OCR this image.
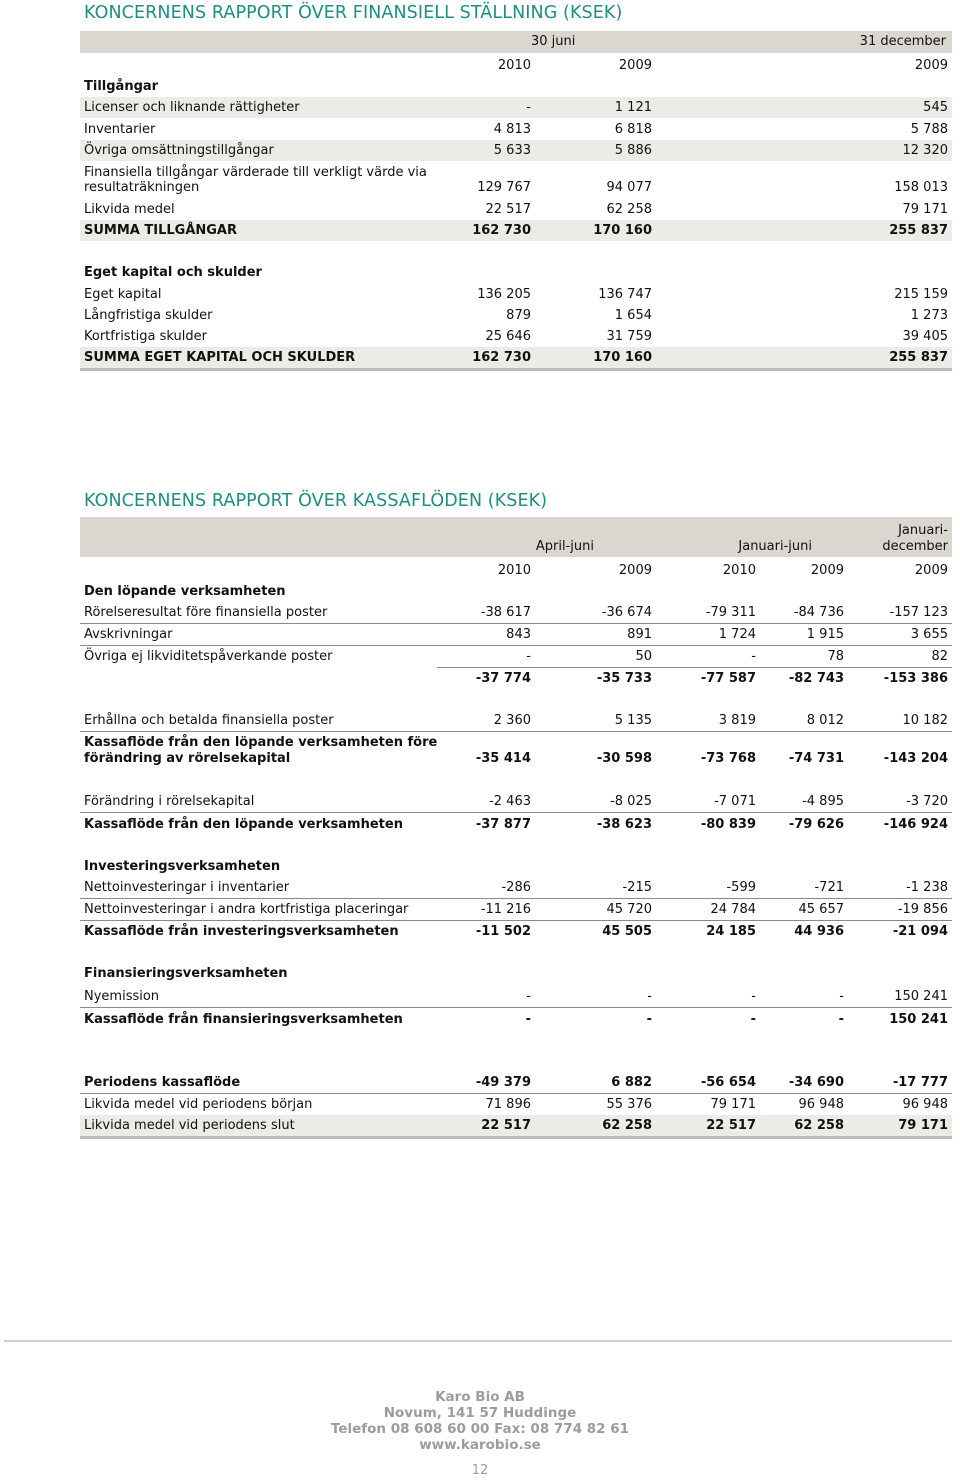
KONCERNENS RAPPORT ÖVER FINANSIELL STÄLLNING (KSEK)
30 juni	31 december
2010	2009	2009
Tillgångar
Licenser och liknande rättigheter	-	1 121	545
Inventarier	4 813	6 818	5 788
Övriga omsättningstillgångar	5 633	5 886	12 320
Finansiella tillgångar värderade till verkligt värde via
resultaträkningen	129 767	94 077	158 013
Likvida medel	22 517	62 258	79 171
SUMMA TILLGÅNGAR	162 730	170 160	255 837
Eget kapital och skulder
Eget kapital	136 205	136 747	215 159
Långfristiga skulder	879	1 654	1 273
Kortfristiga skulder	25 646	31 759	39 405
SUMMA EGET KAPITAL OCH SKULDER	162 730	170 160	255 837
KONCERNENS RAPPORT ÖVER KASSAFLÖDEN (KSEK)
April-juni	Januari-juni
Januari-
december
2010	2009	2010	2009	2009
Den löpande verksamheten
Rörelseresultat före finansiella poster	-38 617	-36 674	-79 311	-84 736	-157 123
Avskrivningar	843	891	1 724	1 915	3 655
Övriga ej likviditetspåverkande poster	-	50	-	78	82
-37 774	-35 733	-77 587	-82 743	-153 386
Erhållna och betalda finansiella poster	2 360	5 135	3 819	8 012	10 182
Kassaflöde från den löpande verksamheten före
förändring av rörelsekapital	-35 414	-30 598	-73 768	-74 731	-143 204
Förändring i rörelsekapital	-2 463	-8 025	-7 071	-4 895	-3 720
Kassaflöde från den löpande verksamheten	-37 877	-38 623	-80 839	-79 626	-146 924
Investeringsverksamheten
Nettoinvesteringar i inventarier	-286	-215	-599	-721	-1 238
Nettoinvesteringar i andra kortfristiga placeringar	-11 216	45 720	24 784	45 657	-19 856
Kassaflöde från investeringsverksamheten	-11 502	45 505	24 185	44 936	-21 094
Finansieringsverksamheten
Nyemission	-	-	-	-	150 241
Kassaflöde från finansieringsverksamheten	-	-	-	-	150 241
Periodens kassaflöde	-49 379	6 882	-56 654	-34 690	-17 777
Likvida medel vid periodens början	71 896	55 376	79 171	96 948	96 948
Likvida medel vid periodens slut	22 517	62 258	22 517	62 258	79 171
Karo Bio AB
Novum, 141 57 Huddinge
Telefon 08 608 60 00 Fax: 08 774 82 61
www.karobio.se
12
